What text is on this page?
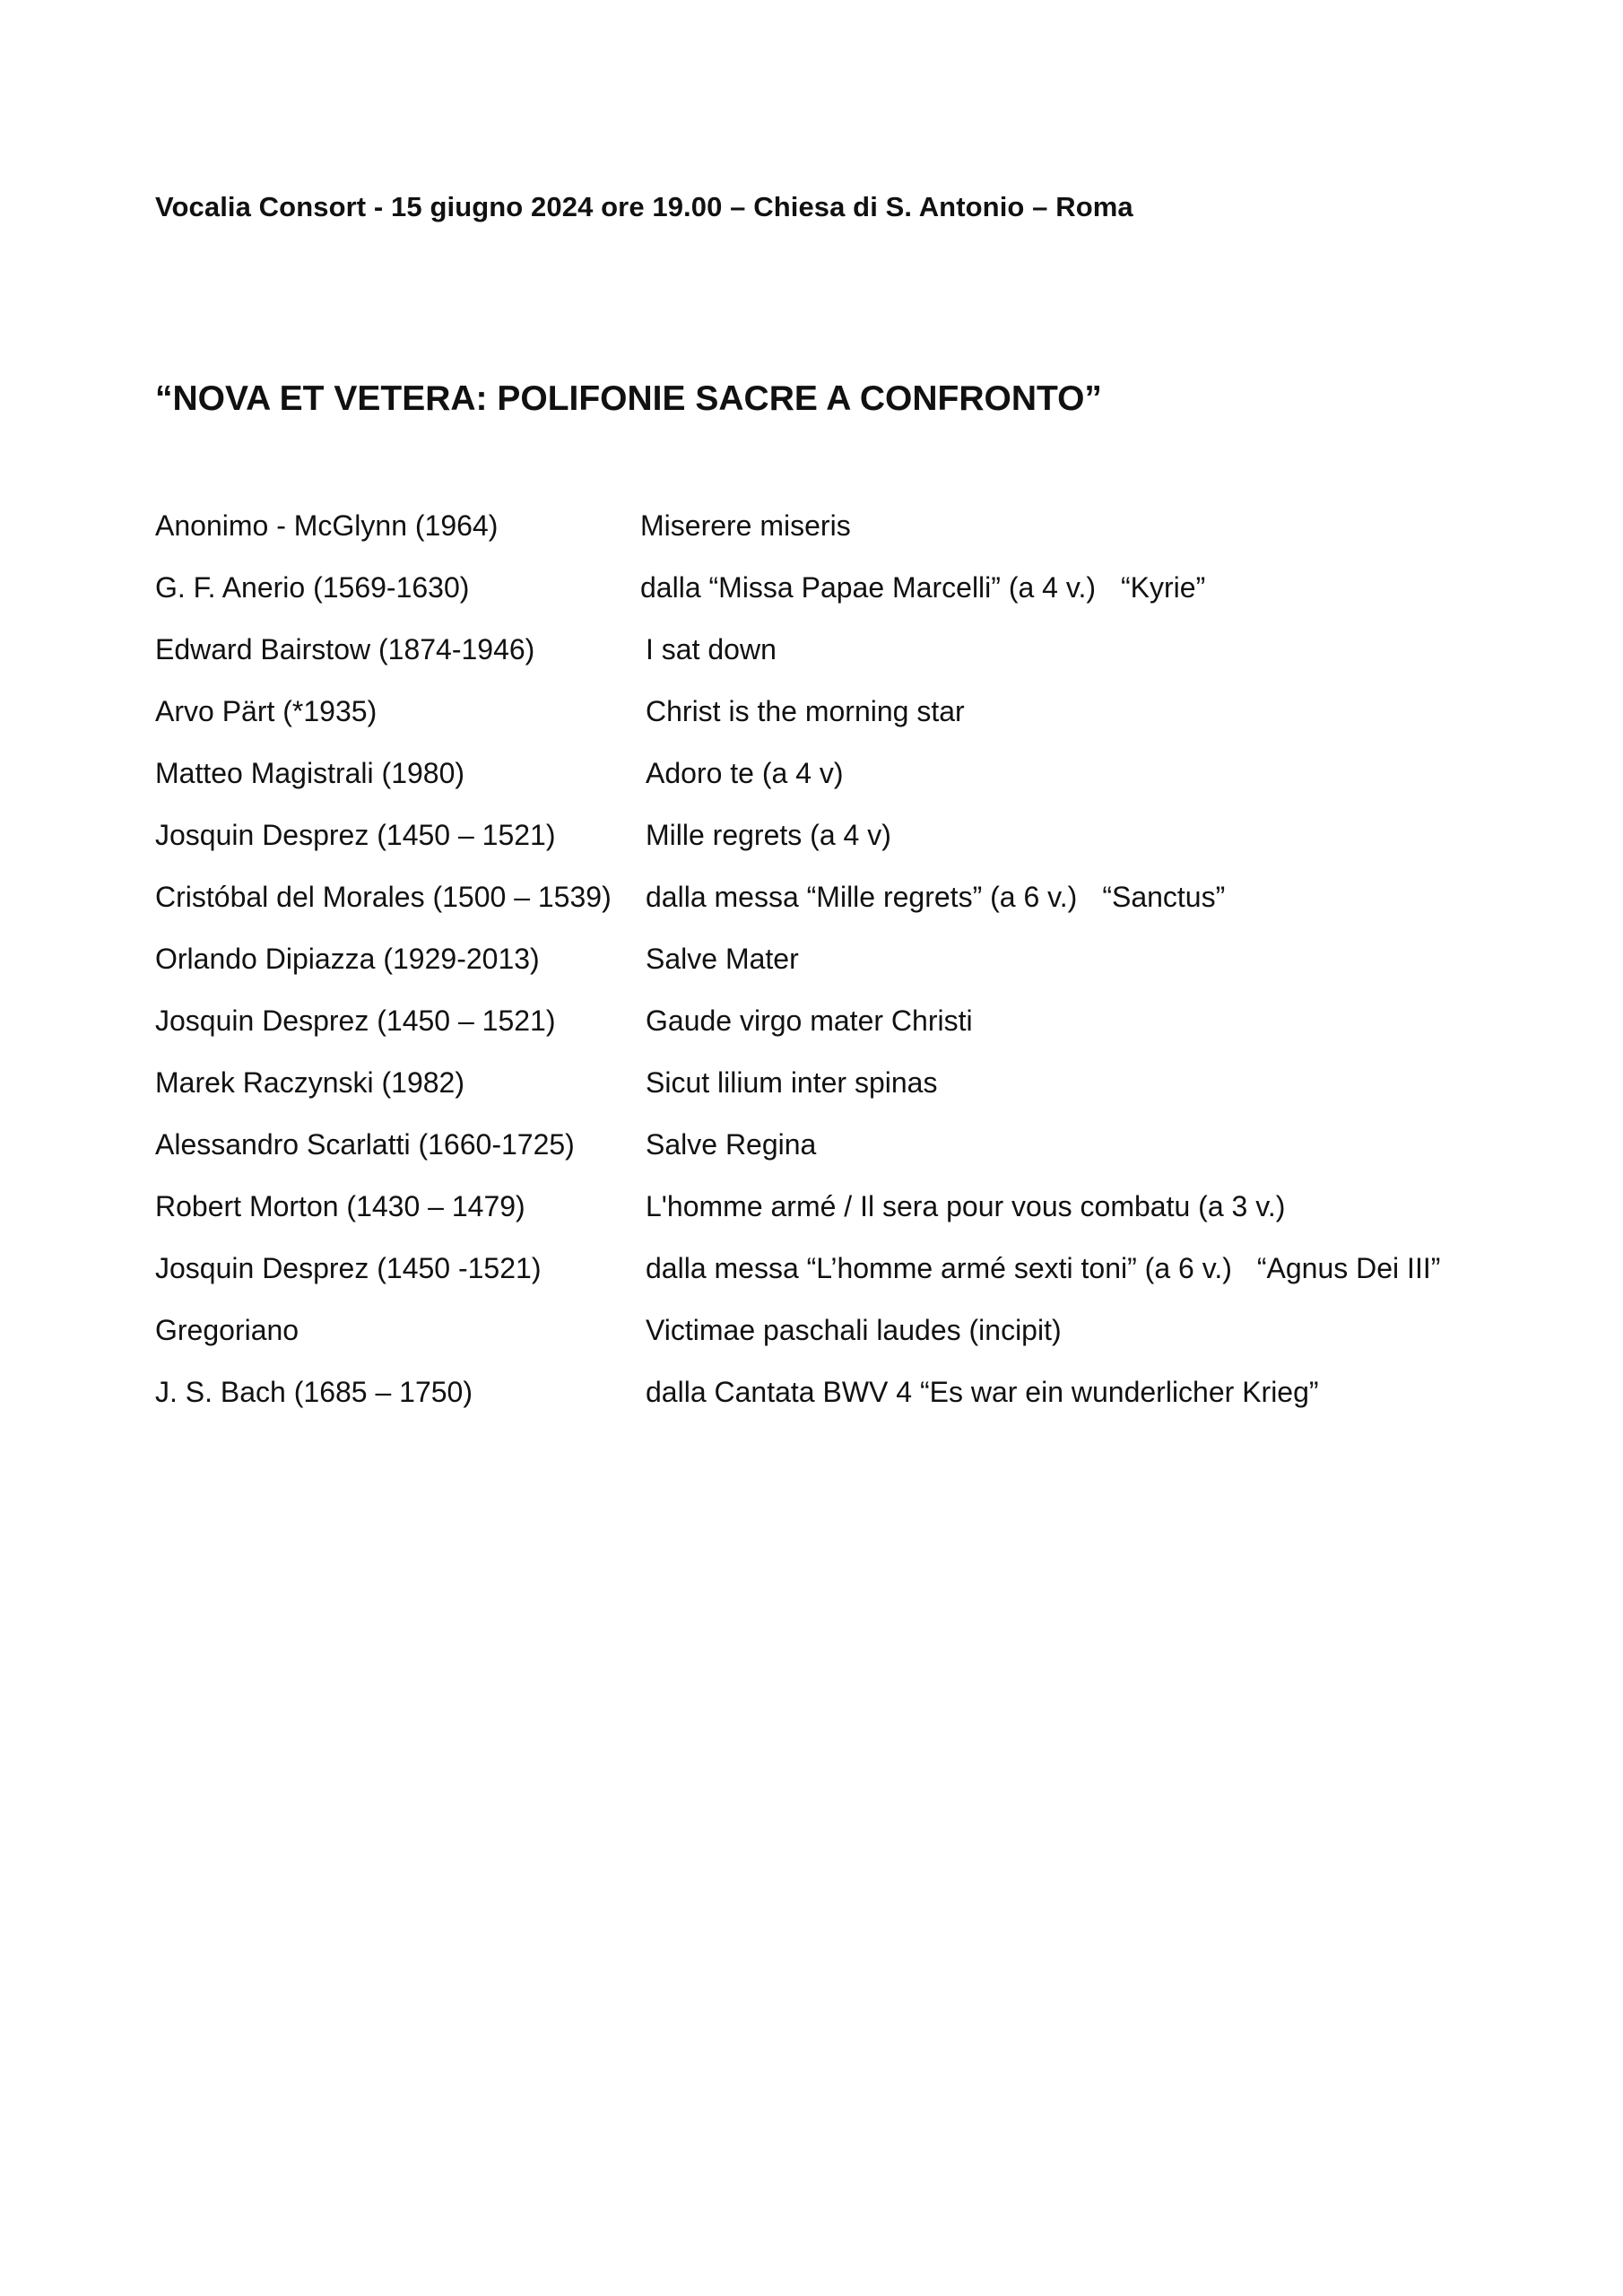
Vocalia Consort - 15 giugno 2024 ore 19.00 – Chiesa di S. Antonio – Roma
“NOVA ET VETERA: POLIFONIE SACRE A CONFRONTO”
Anonimo - McGlynn (1964)	Miserere miseris
G. F. Anerio (1569-1630)	dalla “Missa Papae Marcelli” (a 4 v.) “Kyrie”
Edward Bairstow (1874-1946)	I sat down
Arvo Pärt (*1935)	Christ is the morning star
Matteo Magistrali (1980)	Adoro te (a 4 v)
Josquin Desprez (1450 – 1521)	Mille regrets (a 4 v)
Cristóbal del Morales (1500 – 1539) dalla messa “Mille regrets” (a 6 v.) “Sanctus”
Orlando Dipiazza (1929-2013)	Salve Mater
Josquin Desprez (1450 – 1521)	Gaude virgo mater Christi
Marek Raczynski (1982)	Sicut lilium inter spinas
Alessandro Scarlatti (1660-1725) Salve Regina
Robert Morton (1430 – 1479)	L'homme armé / Il sera pour vous combatu (a 3 v.)
Josquin Desprez (1450 -1521)	dalla messa “L’homme armé sexti toni” (a 6 v.) “Agnus Dei III”
Gregoriano	Victimae paschali laudes (incipit)
J. S. Bach (1685 – 1750)	dalla Cantata BWV 4 “Es war ein wunderlicher Krieg”
